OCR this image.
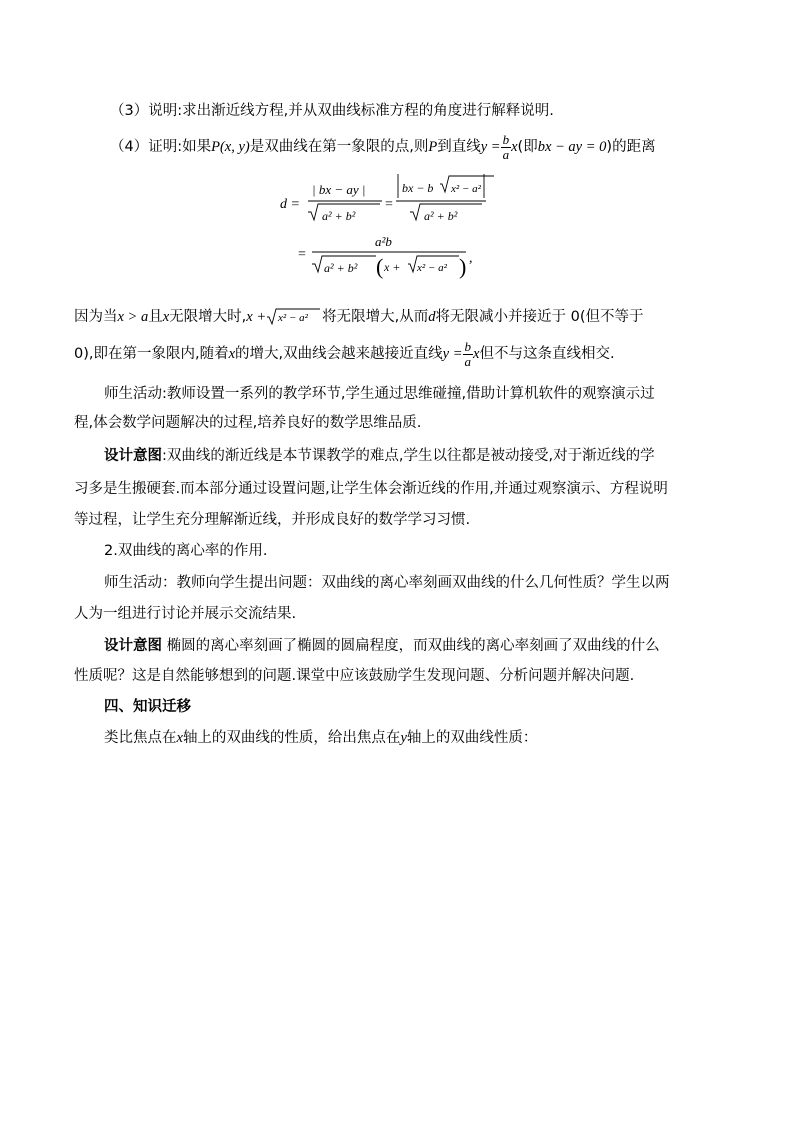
（3）说明:求出渐近线方程,并从双曲线标准方程的角度进行解释说明.
（4）证明:如果P(x, y)是双曲线在第一象限的点,则P到直线$y = \frac{b}{a} x$(即bx − ay = 0)的距离
d =
| bx − ay |
a² + b²
=
bx − b x² − a²
a² + b²
=
a²b
a² + b² ( x + x² − a² ) ,
因为当x > a且x无限增大时,x + x² − a² 将无限增大,从而d将无限减小并接近于 0(但不等于
0),即在第一象限内,随着x的增大,双曲线会越来越接近直线$y = \frac{b}{a}$ x但不与这条直线相交.
师生活动:教师设置一系列的教学环节,学生通过思维碰撞,借助计算机软件的观察演示过
程,体会数学问题解决的过程,培养良好的数学思维品质.
设计意图:双曲线的渐近线是本节课教学的难点,学生以往都是被动接受,对于渐近线的学
习多是生搬硬套.而本部分通过设置问题,让学生体会渐近线的作用,并通过观察演示、方程说明
等过程，让学生充分理解渐近线，并形成良好的数学学习习惯.
2.双曲线的离心率的作用.
师生活动：教师向学生提出问题：双曲线的离心率刻画双曲线的什么几何性质？学生以两
人为一组进行讨论并展示交流结果.
设计意图 椭圆的离心率刻画了椭圆的圆扁程度，而双曲线的离心率刻画了双曲线的什么
性质呢？这是自然能够想到的问题.课堂中应该鼓励学生发现问题、分析问题并解决问题.
四、知识迁移
类比焦点在x轴上的双曲线的性质，给出焦点在y轴上的双曲线性质：
